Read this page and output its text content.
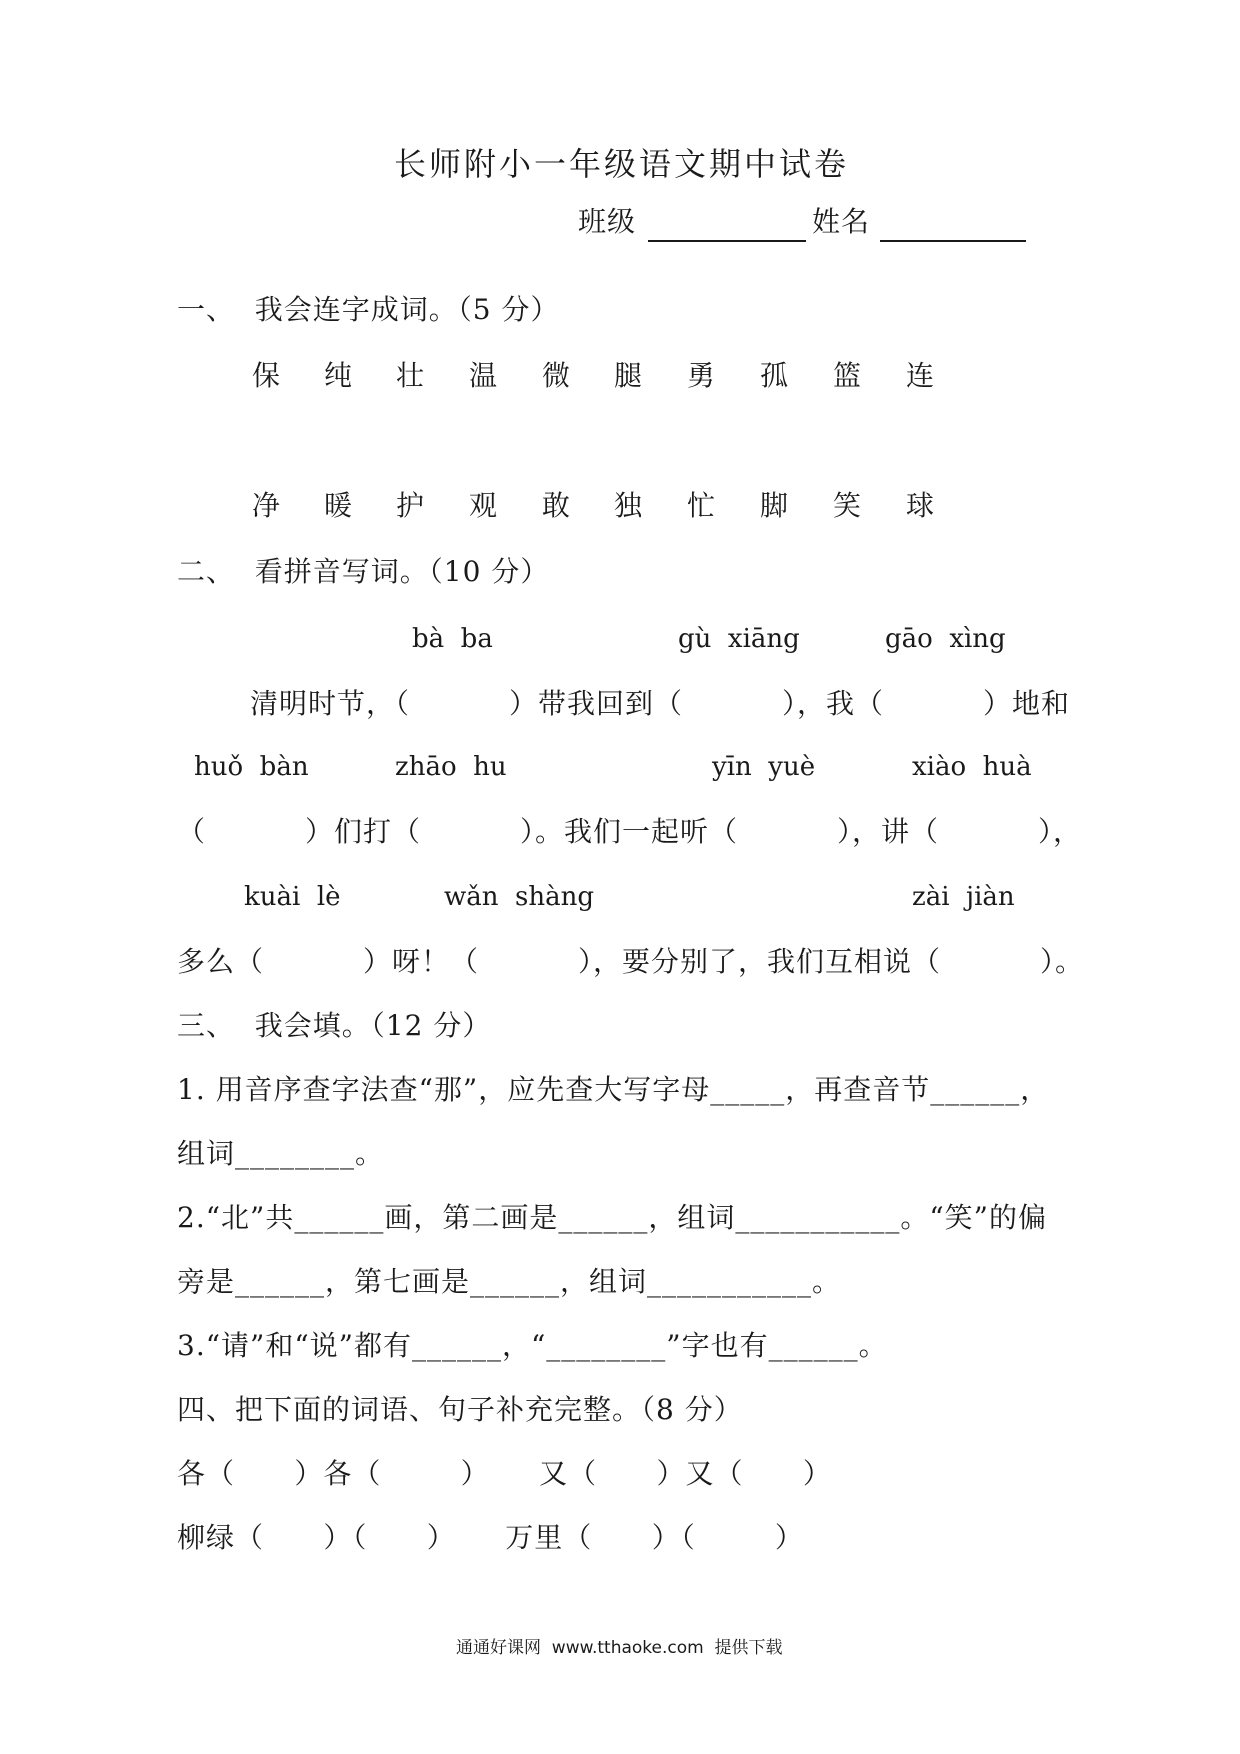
长师附小一年级语文期中试卷
班级	姓名
一、  我会连字成词。（5 分）
保 纯 壮 温 微 腿 勇 孤 篮 连
净 暖 护 观 敢 独 忙 脚 笑 球
二、  看拼音写词。（10 分）
bà  ba	gù  xiāng	gāo  xìng
清明时节，（          ）带我回到（          ），我（          ）地和
huǒ  bàn	zhāo  hu	yīn  yuè	xiào  huà
（          ）们打（          ）。我们一起听（          ），讲（          ），
kuài  lè	wǎn  shàng	zài  jiàn
多么（          ）呀！（          ），要分别了，我们互相说（          ）。
三、  我会填。（12 分）
1. 用音序查字法查“那”，应先查大写字母_____，再查音节______，
组词________。
2.“北”共______画，第二画是______，组词___________。“笑”的偏
旁是______，第七画是______，组词___________。
3.“请”和“说”都有______，“________”字也有______。
四、把下面的词语、句子补充完整。（8 分）
各（      ）各（        ）     又（      ）又（      ）
柳绿（      ）（      ）     万里（      ）（        ）
通通好课网  www.tthaoke.com  提供下载
